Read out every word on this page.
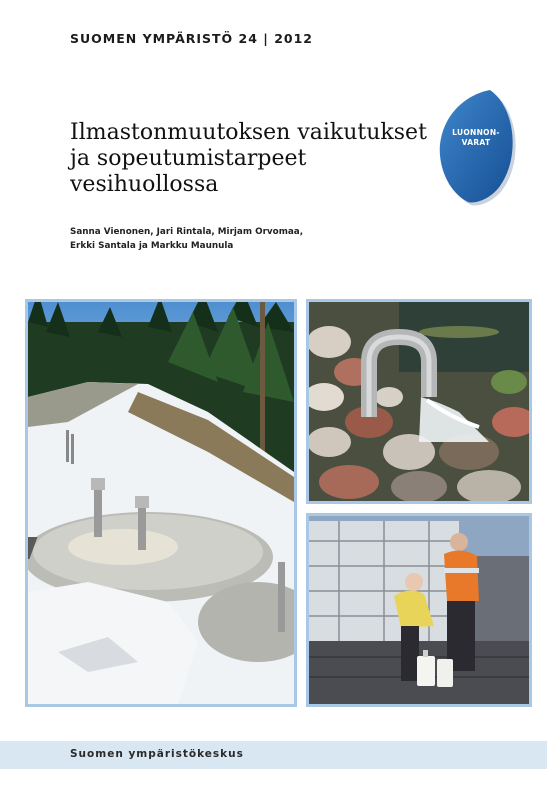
SUOMEN YMPÄRISTÖ 24 | 2012
Ilmastonmuutoksen vaikutukset
ja sopeutumistarpeet
vesihuollossa
Sanna Vienonen, Jari Rintala, Mirjam Orvomaa,
Erkki Santala ja Markku Maunula
LUONNON-
VARAT
Suomen ympäristökeskus
